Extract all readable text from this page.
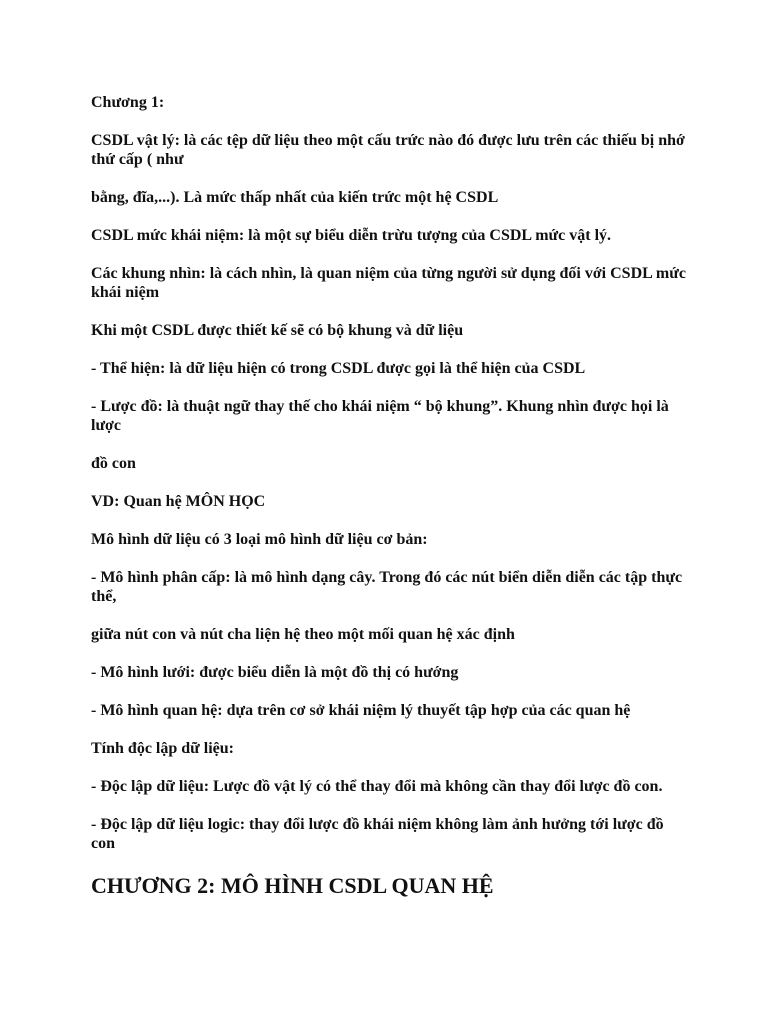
Chương 1:

CSDL vật lý: là các tệp dữ liệu theo một cấu trức nào đó được lưu trên các thiếu bị nhớ thứ cấp ( như

bằng, đĩa,...). Là mức thấp nhất của kiến trức một hệ CSDL

CSDL mức khái niệm: là một sự biểu diễn trừu tượng của CSDL mức vật lý.

Các khung nhìn: là cách nhìn, là quan niệm của từng người sử dụng đối với CSDL mức khái niệm

Khi một CSDL được thiết kế sẽ có bộ khung và dữ liệu

- Thể hiện: là dữ liệu hiện có trong CSDL được gọi là thể hiện của CSDL

- Lược đồ: là thuật ngữ thay thế cho khái niệm “ bộ khung”. Khung nhìn được họi là lược

đồ con

VD: Quan hệ MÔN HỌC

Mô hình dữ liệu có 3 loại mô hình dữ liệu cơ bản:

- Mô hình phân cấp: là mô hình dạng cây. Trong đó các nút biển diễn diễn các tập thực thể,

giữa nút con và nút cha liện hệ theo một mối quan hệ xác định

- Mô hình lưới: được biểu diễn là một đồ thị có hướng

- Mô hình quan hệ: dựa trên cơ sở khái niệm lý thuyết tập hợp của các quan hệ

Tính độc lập dữ liệu:

- Độc lập dữ liệu: Lược đồ vật lý có thể thay đổi mà không cần thay đổi lược đồ con.

- Độc lập dữ liệu logic: thay đổi lược đồ khái niệm không làm ảnh hưởng tới lược đồ con

CHƯƠNG 2: MÔ HÌNH CSDL QUAN HỆ
